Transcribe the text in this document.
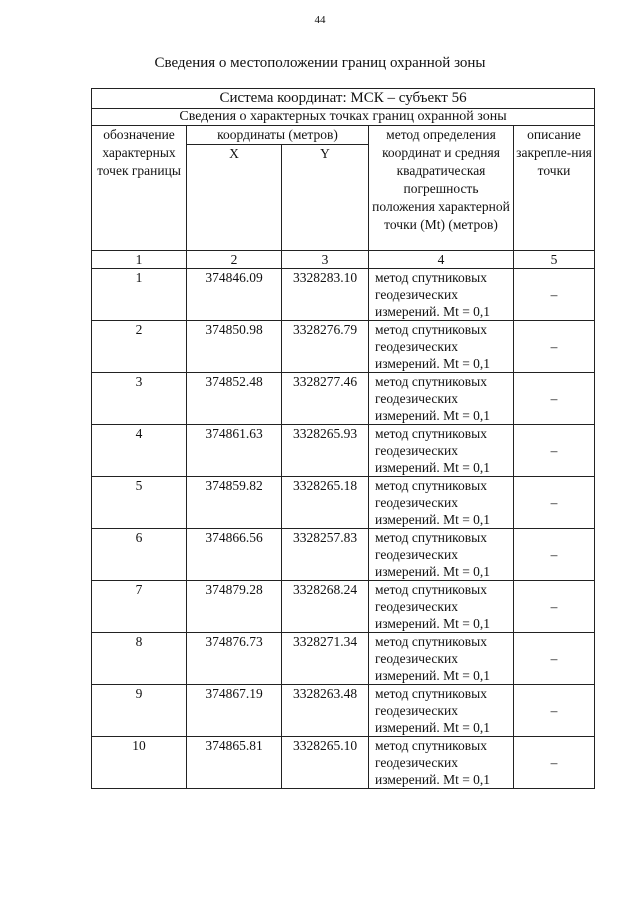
44
Сведения о местоположении границ охранной зоны
Система координат: МСК – субъект 56				
Сведения о характерных точках границ охранной зоны				
обозначение характерных точек границы	координаты (метров)		метод определения координат и средняя квадратическая погрешность положения характерной точки (Mt) (метров)	описание закрепле-ния точки
	X	Y		
1	2	3	4	5
1	374846.09	3328283.10	метод спутниковых геодезических измерений. Mt = 0,1	–
2	374850.98	3328276.79	метод спутниковых геодезических измерений. Mt = 0,1	–
3	374852.48	3328277.46	метод спутниковых геодезических измерений. Mt = 0,1	–
4	374861.63	3328265.93	метод спутниковых геодезических измерений. Mt = 0,1	–
5	374859.82	3328265.18	метод спутниковых геодезических измерений. Mt = 0,1	–
6	374866.56	3328257.83	метод спутниковых геодезических измерений. Mt = 0,1	–
7	374879.28	3328268.24	метод спутниковых геодезических измерений. Mt = 0,1	–
8	374876.73	3328271.34	метод спутниковых геодезических измерений. Mt = 0,1	–
9	374867.19	3328263.48	метод спутниковых геодезических измерений. Mt = 0,1	–
10	374865.81	3328265.10	метод спутниковых геодезических измерений. Mt = 0,1	–
